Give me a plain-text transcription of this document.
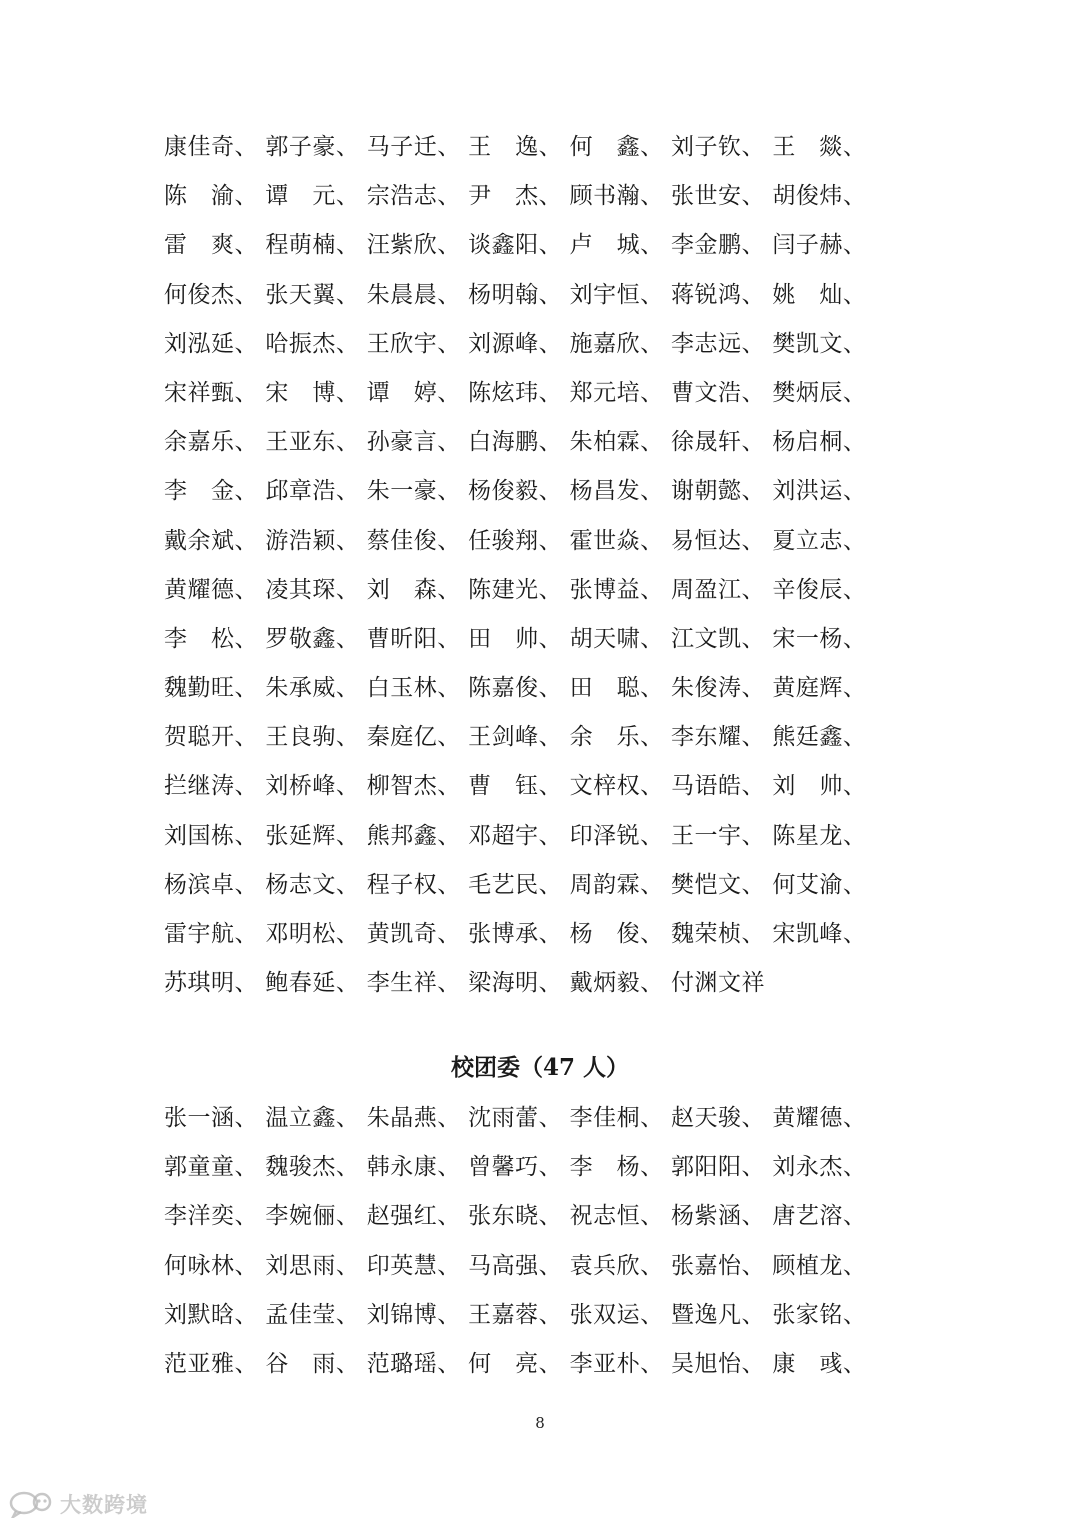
康佳奇、 郭子豪、 马子迁、 王　逸、 何　鑫、 刘子钦、 王　燚、
陈　渝、 谭　元、 宗浩志、 尹　杰、 顾书瀚、 张世安、 胡俊炜、
雷　爽、 程萌楠、 汪紫欣、 谈鑫阳、 卢　城、 李金鹏、 闫子赫、
何俊杰、 张天翼、 朱晨晨、 杨明翰、 刘宇恒、 蒋锐鸿、 姚　灿、
刘泓延、 哈振杰、 王欣宇、 刘源峰、 施嘉欣、 李志远、 樊凯文、
宋祥甄、 宋　博、 谭　婷、 陈炫玮、 郑元培、 曹文浩、 樊炳辰、
余嘉乐、 王亚东、 孙豪言、 白海鹏、 朱柏霖、 徐晟轩、 杨启桐、
李　金、 邱章浩、 朱一豪、 杨俊毅、 杨昌发、 谢朝懿、 刘洪运、
戴余斌、 游浩颖、 蔡佳俊、 任骏翔、 霍世焱、 易恒达、 夏立志、
黄耀德、 凌其琛、 刘　森、 陈建光、 张博益、 周盈江、 辛俊辰、
李　松、 罗敬鑫、 曹昕阳、 田　帅、 胡天啸、 江文凯、 宋一杨、
魏勤旺、 朱承威、 白玉林、 陈嘉俊、 田　聪、 朱俊涛、 黄庭辉、
贺聪开、 王良驹、 秦庭亿、 王剑峰、 余　乐、 李东耀、 熊廷鑫、
拦继涛、 刘桥峰、 柳智杰、 曹　钰、 文梓权、 马语皓、 刘　帅、
刘国栋、 张延辉、 熊邦鑫、 邓超宇、 印泽锐、 王一宇、 陈星龙、
杨滨卓、 杨志文、 程子权、 毛艺民、 周韵霖、 樊恺文、 何艾渝、
雷宇航、 邓明松、 黄凯奇、 张博承、 杨　俊、 魏荣桢、 宋凯峰、
苏琪明、 鲍春延、 李生祥、 梁海明、 戴炳毅、 付渊文祥
校团委（47 人）
张一涵、 温立鑫、 朱晶燕、 沈雨蕾、 李佳桐、 赵天骏、 黄耀德、
郭童童、 魏骏杰、 韩永康、 曾馨巧、 李　杨、 郭阳阳、 刘永杰、
李洋奕、 李婉俪、 赵强红、 张东晓、 祝志恒、 杨紫涵、 唐艺溶、
何咏林、 刘思雨、 印英慧、 马高强、 袁兵欣、 张嘉怡、 顾植龙、
刘默晗、 孟佳莹、 刘锦博、 王嘉蓉、 张双运、 暨逸凡、 张家铭、
范亚雅、 谷　雨、 范璐瑶、 何　亮、 李亚朴、 吴旭怡、 康　彧、
8
大数跨境
